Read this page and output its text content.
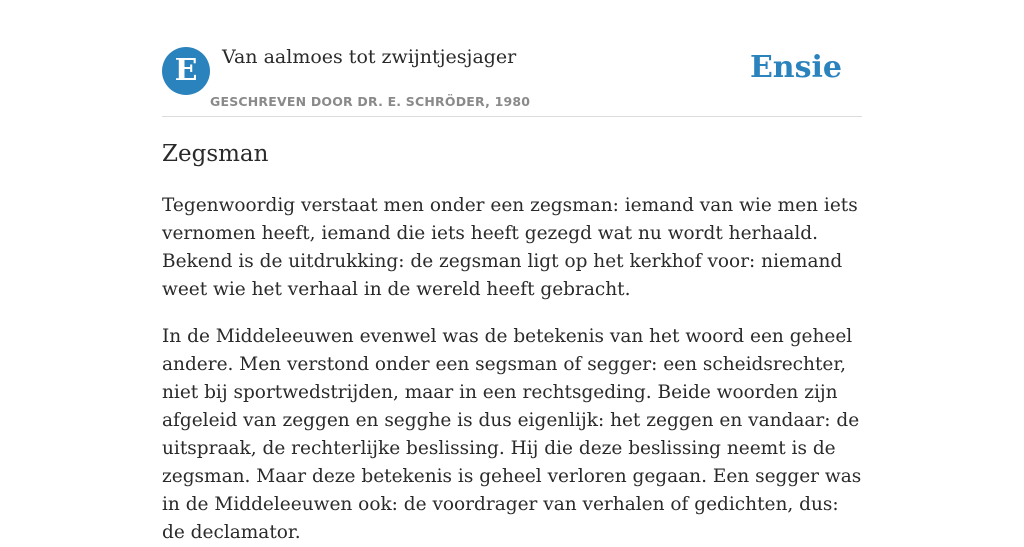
E Van aalmoes tot zwijntjesjager
GESCHREVEN DOOR DR. E. SCHRÖDER, 1980
Ensie
Zegsman

Tegenwoordig verstaat men onder een zegsman: iemand van wie men iets vernomen heeft, iemand die iets heeft gezegd wat nu wordt herhaald. Bekend is de uitdrukking: de zegsman ligt op het kerkhof voor: niemand weet wie het verhaal in de wereld heeft gebracht.

In de Middeleeuwen evenwel was de betekenis van het woord een geheel andere. Men verstond onder een segsman of segger: een scheidsrechter, niet bij sportwedstrijden, maar in een rechtsgeding. Beide woorden zijn afgeleid van zeggen en segghe is dus eigenlijk: het zeggen en vandaar: de uitspraak, de rechterlijke beslissing. Hij die deze beslissing neemt is de zegsman. Maar deze betekenis is geheel verloren gegaan. Een segger was in de Middeleeuwen ook: de voordrager van verhalen of gedichten, dus: de declamator.
